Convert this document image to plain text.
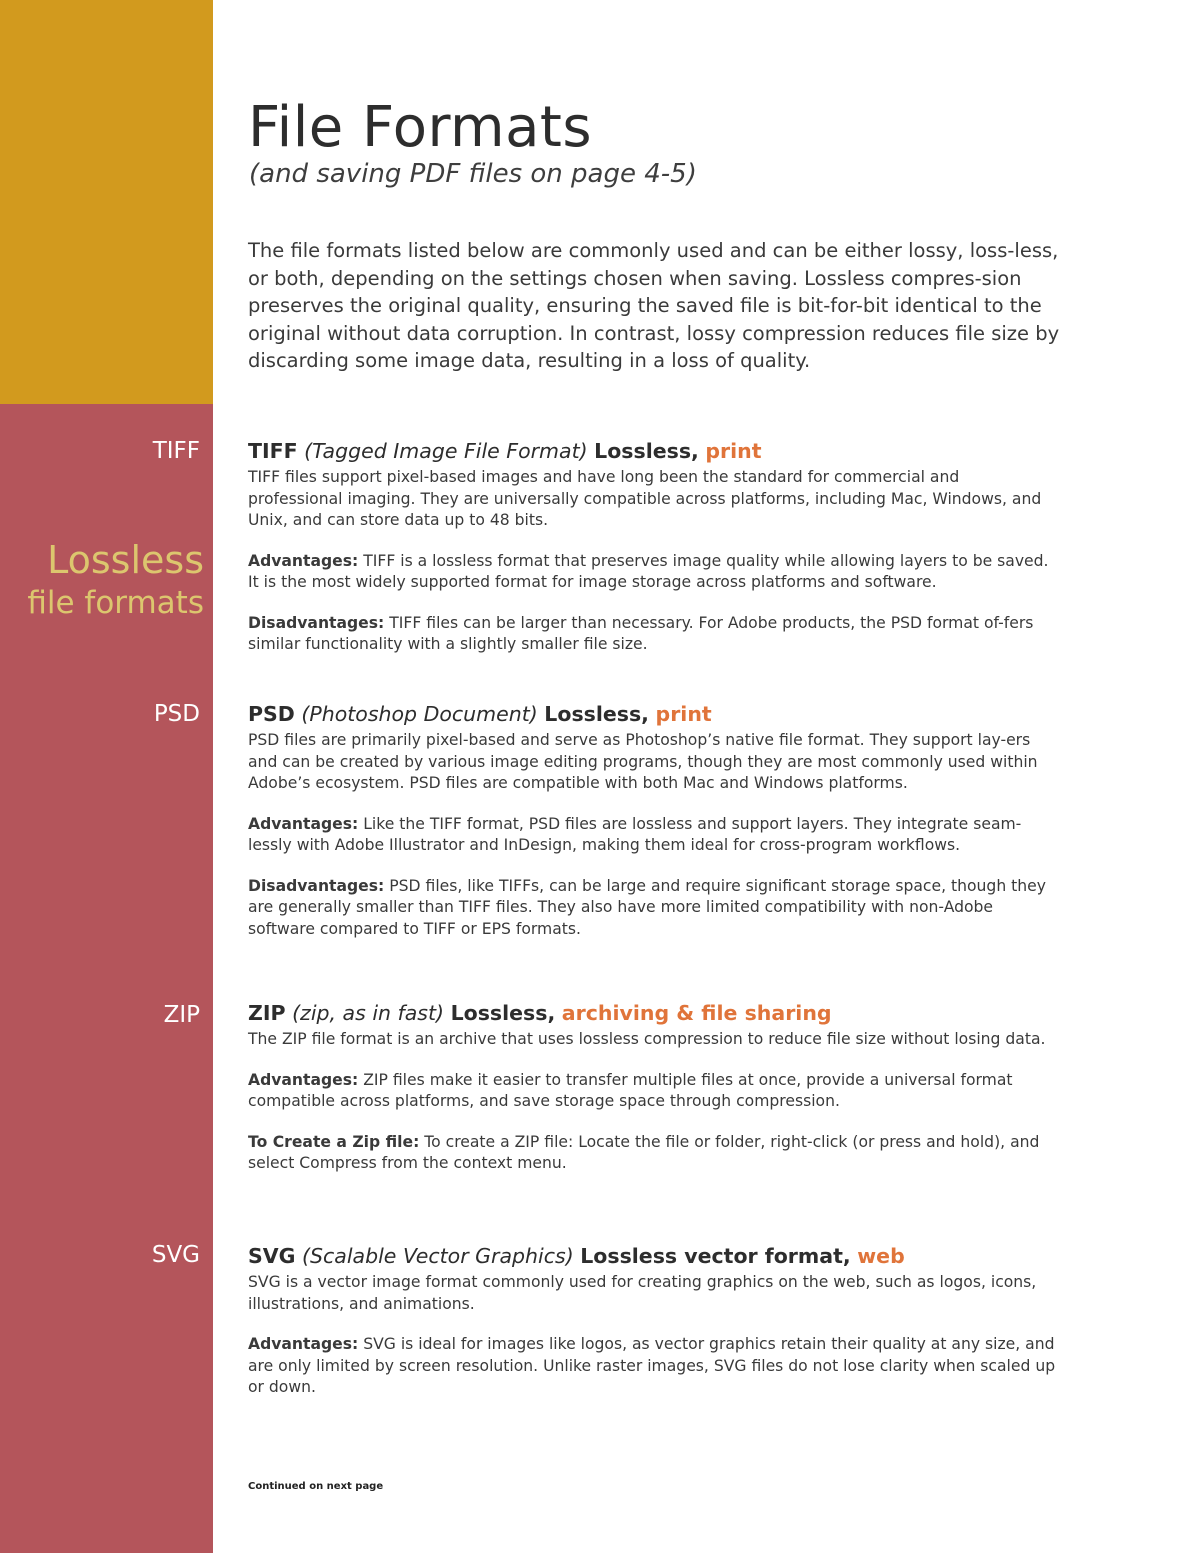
File Formats
(and saving PDF files on page 4-5)

The file formats listed below are commonly used and can be either lossy, loss-less, or both, depending on the settings chosen when saving. Lossless compres-sion preserves the original quality, ensuring the saved file is bit-for-bit identical to the original without data corruption. In contrast, lossy compression reduces file size by discarding some image data, resulting in a loss of quality.

TIFF
Lossless
file formats
PSD
ZIP
SVG
TIFF (Tagged Image File Format) Lossless, print

TIFF files support pixel-based images and have long been the standard for commercial and professional imaging. They are universally compatible across platforms, including Mac, Windows, and Unix, and can store data up to 48 bits.

Advantages: TIFF is a lossless format that preserves image quality while allowing layers to be saved. It is the most widely supported format for image storage across platforms and software.

Disadvantages: TIFF files can be larger than necessary. For Adobe products, the PSD format of-fers similar functionality with a slightly smaller file size.

PSD (Photoshop Document) Lossless, print

PSD files are primarily pixel-based and serve as Photoshop’s native file format. They support lay-ers and can be created by various image editing programs, though they are most commonly used within Adobe’s ecosystem. PSD files are compatible with both Mac and Windows platforms.

Advantages: Like the TIFF format, PSD files are lossless and support layers. They integrate seam-lessly with Adobe Illustrator and InDesign, making them ideal for cross-program workflows.

Disadvantages: PSD files, like TIFFs, can be large and require significant storage space, though they are generally smaller than TIFF files. They also have more limited compatibility with non-Adobe software compared to TIFF or EPS formats.

ZIP (zip, as in fast) Lossless, archiving & file sharing

The ZIP file format is an archive that uses lossless compression to reduce file size without losing data.

Advantages: ZIP files make it easier to transfer multiple files at once, provide a universal format compatible across platforms, and save storage space through compression.

To Create a Zip file: To create a ZIP file: Locate the file or folder, right-click (or press and hold), and select Compress from the context menu.

SVG (Scalable Vector Graphics) Lossless vector format, web

SVG is a vector image format commonly used for creating graphics on the web, such as logos, icons, illustrations, and animations.

Advantages: SVG is ideal for images like logos, as vector graphics retain their quality at any size, and are only limited by screen resolution. Unlike raster images, SVG files do not lose clarity when scaled up or down.

Continued on next page
